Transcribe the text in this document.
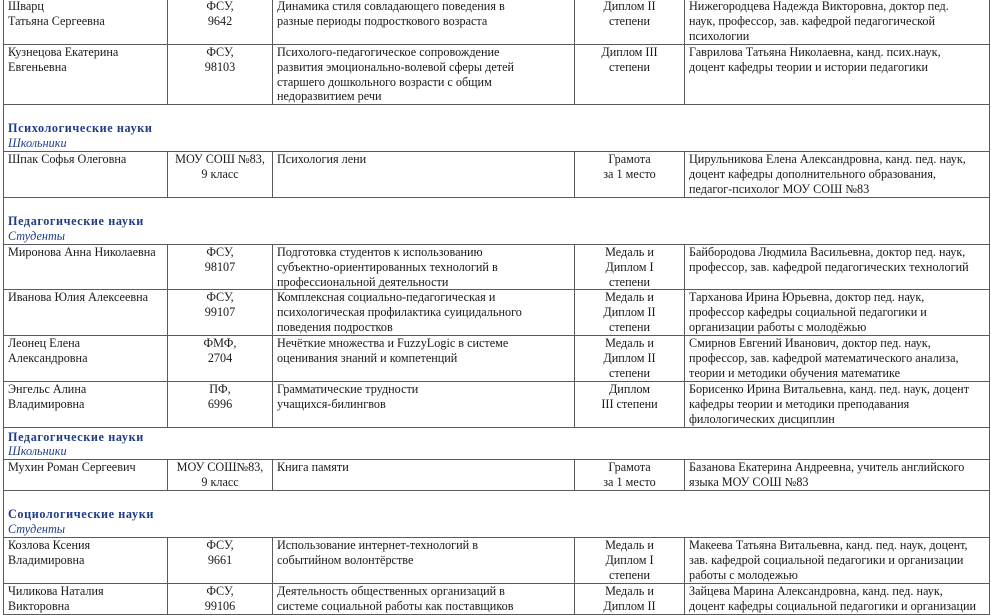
Шварц
Татьяна Сергеевна	ФСУ,
9642	Динамика стиля совладающего поведения в
разные периоды подросткового возраста	Диплом II
степени	Нижегородцева Надежда Викторовна, доктор пед.
наук, профессор, зав. кафедрой педагогической
психологии

Кузнецова Екатерина
Евгеньевна	ФСУ,
98103	Психолого-педагогическое сопровождение
развития эмоционально-волевой сферы детей
старшего дошкольного возрасти с общим
недоразвитием речи	Диплом III
степени	Гаврилова Татьяна Николаевна, канд. псих.наук,
доцент кафедры теории и истории педагогики

Психологические науки
Школьники				

Шпак Софья Олеговна	МОУ СОШ №83,
9 класс	Психология лени	Грамота
за 1 место	Цирульникова Елена Александровна, канд. пед. наук,
доцент кафедры дополнительного образования,
педагог-психолог МОУ СОШ №83

Педагогические науки
Студенты				

Миронова Анна Николаевна	ФСУ,
98107	Подготовка студентов к использованию
субъектно-ориентированных технологий в
профессиональной деятельности	Медаль и
Диплом I
степени	Байбородова Людмила Васильевна, доктор пед. наук,
профессор, зав. кафедрой педагогических технологий

Иванова Юлия Алексеевна	ФСУ,
99107	Комплексная социально-педагогическая и
психологическая профилактика суицидального
поведения подростков	Медаль и
Диплом II
степени	Тарханова Ирина Юрьевна, доктор пед. наук,
профессор кафедры социальной педагогики и
организации работы с молодёжью

Леонец Елена
Александровна	ФМФ,
2704	Нечёткие множества и FuzzyLogic в системе
оценивания знаний и компетенций	Медаль и
Диплом II
степени	Смирнов Евгений Иванович, доктор пед. наук,
профессор, зав. кафедрой математического анализа,
теории и методики обучения математике

Энгельс Алина
Владимировна	ПФ,
6996	Грамматические трудности
учащихся-билингвов	Диплом
III степени	Борисенко Ирина Витальевна, канд. пед. наук, доцент
кафедры теории и методики преподавания
филологических дисциплин

Педагогические науки
Школьники				

Мухин Роман Сергеевич	МОУ СОШ№83,
9 класс	Книга памяти	Грамота
за 1 место	Базанова Екатерина Андреевна, учитель английского
языка МОУ СОШ №83

Социологические науки
Студенты				

Козлова Ксения
Владимировна	ФСУ,
9661	Использование интернет-технологий в
событийном волонтёрстве	Медаль и
Диплом I
степени	Макеева Татьяна Витальевна, канд. пед. наук, доцент,
зав. кафедрой социальной педагогики и организации
работы с молодежью

Чиликова Наталия
Викторовна	ФСУ,
99106	Деятельность общественных организаций в
системе социальной работы как поставщиков	Медаль и
Диплом II	Зайцева Марина Александровна, канд. пед. наук,
доцент кафедры социальной педагогики и организации
